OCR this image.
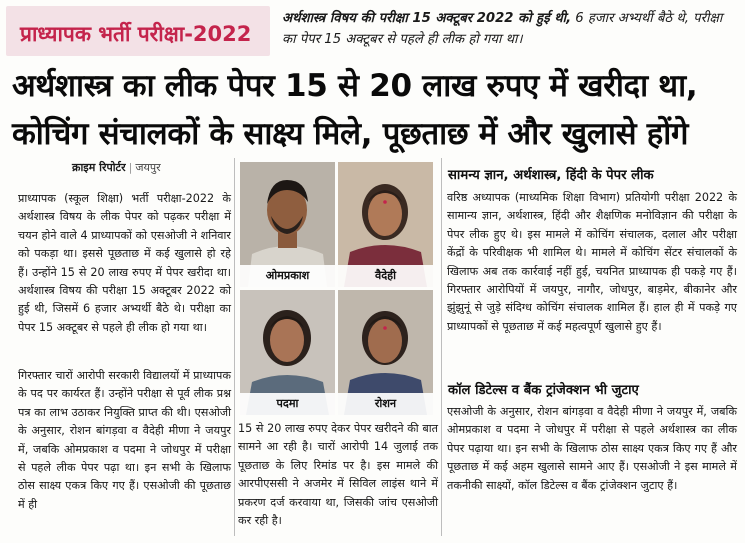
प्राध्यापक भर्ती परीक्षा-2022
अर्थशास्त्र विषय की परीक्षा 15 अक्टूबर 2022 को हुई थी, 6 हजार अभ्यर्थी बैठे थे, परीक्षा का पेपर 15 अक्टूबर से पहले ही लीक हो गया था।
अर्थशास्त्र का लीक पेपर 15 से 20 लाख रुपए में खरीदा था,
कोचिंग संचालकों के साक्ष्य मिले, पूछताछ में और खुलासे होंगे
क्राइम रिपोर्टर | जयपुर
प्राध्यापक (स्कूल शिक्षा) भर्ती परीक्षा-2022 के अर्थशास्त्र विषय के लीक पेपर को पढ़कर परीक्षा में चयन होने वाले 4 प्राध्यापकों को एसओजी ने शनिवार को पकड़ा था। इससे पूछताछ में कई खुलासे हो रहे हैं। उन्होंने 15 से 20 लाख रुपए में पेपर खरीदा था। अर्थशास्त्र विषय की परीक्षा 15 अक्टूबर 2022 को हुई थी, जिसमें 6 हजार अभ्यर्थी बैठे थे। परीक्षा का पेपर 15 अक्टूबर से पहले ही लीक हो गया था।
गिरफ्तार चारों आरोपी सरकारी विद्यालयों में प्राध्यापक के पद पर कार्यरत हैं। उन्होंने परीक्षा से पूर्व लीक प्रश्न पत्र का लाभ उठाकर नियुक्ति प्राप्त की थी। एसओजी के अनुसार, रोशन बांगड़वा व वैदेही मीणा ने जयपुर में, जबकि ओमप्रकाश व पदमा ने जोधपुर में परीक्षा से पहले लीक पेपर पढ़ा था। इन सभी के खिलाफ ठोस साक्ष्य एकत्र किए गए हैं। एसओजी की पूछताछ में ही
ओमप्रकाश	वैदेही
पदमा	रोशन
15 से 20 लाख रुपए देकर पेपर खरीदने की बात सामने आ रही है। चारों आरोपी 14 जुलाई तक पूछताछ के लिए रिमांड पर है। इस मामले की आरपीएससी ने अजमेर में सिविल लाइंस थाने में प्रकरण दर्ज करवाया था, जिसकी जांच एसओजी कर रही है।
सामन्य ज्ञान, अर्थशास्त्र, हिंदी के पेपर लीक
वरिष्ठ अध्यापक (माध्यमिक शिक्षा विभाग) प्रतियोगी परीक्षा 2022 के सामान्य ज्ञान, अर्थशास्त्र, हिंदी और शैक्षणिक मनोविज्ञान की परीक्षा के पेपर लीक हुए थे। इस मामले में कोचिंग संचालक, दलाल और परीक्षा केंद्रों के परिवीक्षक भी शामिल थे। मामले में कोचिंग सेंटर संचालकों के खिलाफ अब तक कार्रवाई नहीं हुई, चयनित प्राध्यापक ही पकड़े गए हैं। गिरफ्तार आरोपियों में जयपुर, नागौर, जोधपुर, बाड़मेर, बीकानेर और झुंझुनूं से जुड़े संदिग्ध कोचिंग संचालक शामिल हैं। हाल ही में पकड़े गए प्राध्यापकों से पूछताछ में कई महत्वपूर्ण खुलासे हुए हैं।
कॉल डिटेल्स व बैंक ट्रांजेक्शन भी जुटाए
एसओजी के अनुसार, रोशन बांगड़वा व वैदेही मीणा ने जयपुर में, जबकि ओमप्रकाश व पदमा ने जोधपुर में परीक्षा से पहले अर्थशास्त्र का लीक पेपर पढ़ाया था। इन सभी के खिलाफ ठोस साक्ष्य एकत्र किए गए हैं और पूछताछ में कई अहम खुलासे सामने आए हैं। एसओजी ने इस मामले में तकनीकी साक्ष्यों, कॉल डिटेल्स व बैंक ट्रांजेक्शन जुटाए हैं।
